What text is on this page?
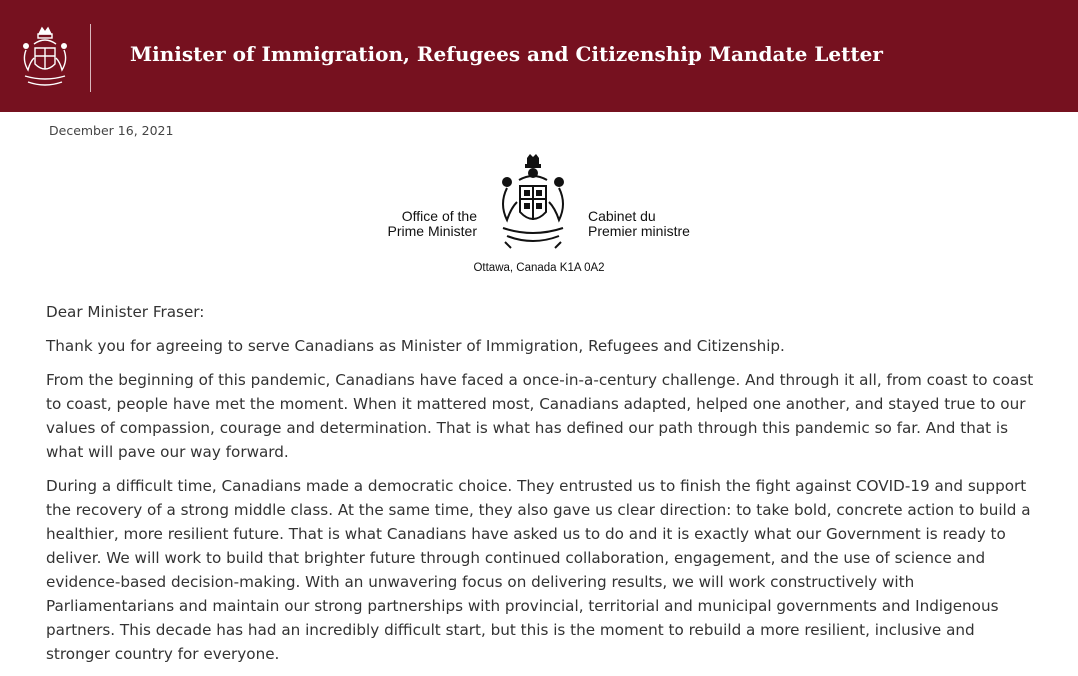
Minister of Immigration, Refugees and Citizenship Mandate Letter
December 16, 2021
Office of the
Prime Minister
Cabinet du
Premier ministre
Ottawa, Canada K1A 0A2

Dear Minister Fraser:

Thank you for agreeing to serve Canadians as Minister of Immigration, Refugees and Citizenship.

From the beginning of this pandemic, Canadians have faced a once-in-a-century challenge. And through it all, from coast to coast to coast, people have met the moment. When it mattered most, Canadians adapted, helped one another, and stayed true to our values of compassion, courage and determination. That is what has defined our path through this pandemic so far. And that is what will pave our way forward.

During a difficult time, Canadians made a democratic choice. They entrusted us to finish the fight against COVID-19 and support the recovery of a strong middle class. At the same time, they also gave us clear direction: to take bold, concrete action to build a healthier, more resilient future. That is what Canadians have asked us to do and it is exactly what our Government is ready to deliver. We will work to build that brighter future through continued collaboration, engagement, and the use of science and evidence-based decision-making. With an unwavering focus on delivering results, we will work constructively with Parliamentarians and maintain our strong partnerships with provincial, territorial and municipal governments and Indigenous partners. This decade has had an incredibly difficult start, but this is the moment to rebuild a more resilient, inclusive and stronger country for everyone.
